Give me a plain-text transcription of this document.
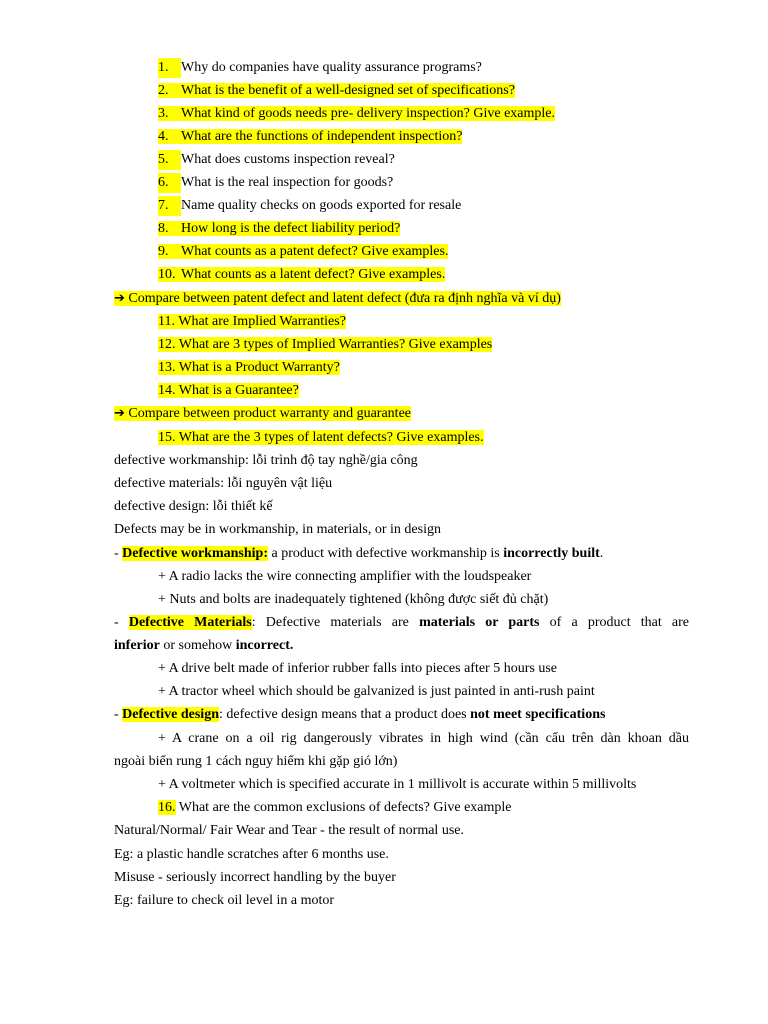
1. Why do companies have quality assurance programs?
2. What is the benefit of a well-designed set of specifications?
3. What kind of goods needs pre- delivery inspection? Give example.
4. What are the functions of independent inspection?
5. What does customs inspection reveal?
6. What is the real inspection for goods?
7. Name quality checks on goods exported for resale
8. How long is the defect liability period?
9. What counts as a patent defect? Give examples.
10. What counts as a latent defect? Give examples.
➔ Compare between patent defect and latent defect (đưa ra định nghĩa và ví dụ)
11. What are Implied Warranties?
12. What are 3 types of Implied Warranties? Give examples
13. What is a Product Warranty?
14. What is a Guarantee?
➔ Compare between product warranty and guarantee
15. What are the 3 types of latent defects? Give examples.
defective workmanship: lỗi trình độ tay nghề/gia công
defective materials: lỗi nguyên vật liệu
defective design: lỗi thiết kế
Defects may be in workmanship, in materials, or in design
- Defective workmanship: a product with defective workmanship is incorrectly built.
+ A radio lacks the wire connecting amplifier with the loudspeaker
+ Nuts and bolts are inadequately tightened (không được siết đủ chặt)
- Defective Materials: Defective materials are materials or parts of a product that are
inferior or somehow incorrect.
+ A drive belt made of inferior rubber falls into pieces after 5 hours use
+ A tractor wheel which should be galvanized is just painted in anti-rush paint
- Defective design: defective design means that a product does not meet specifications
+ A crane on a oil rig dangerously vibrates in high wind (cần cẩu trên dàn khoan dầu
ngoài biển rung 1 cách nguy hiểm khi gặp gió lớn)
+ A voltmeter which is specified accurate in 1 millivolt is accurate within 5 millivolts
16. What are the common exclusions of defects? Give example
Natural/Normal/ Fair Wear and Tear - the result of normal use.
Eg: a plastic handle scratches after 6 months use.
Misuse - seriously incorrect handling by the buyer
Eg: failure to check oil level in a motor
